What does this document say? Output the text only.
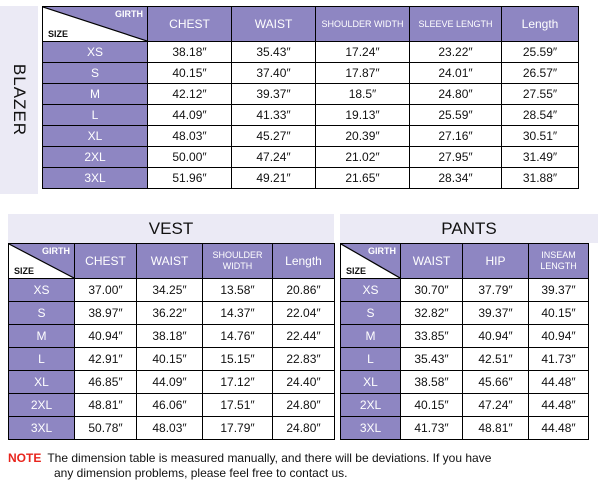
BLAZER
GIRTH
SIZE	CHEST	WAIST	SHOULDER WIDTH	SLEEVE LENGTH	Length
XS	38.18″	35.43″	17.24″	23.22″	25.59″
S	40.15″	37.40″	17.87″	24.01″	26.57″
M	42.12″	39.37″	18.5″	24.80″	27.55″
L	44.09″	41.33″	19.13″	25.59″	28.54″
XL	48.03″	45.27″	20.39″	27.16″	30.51″
2XL	50.00″	47.24″	21.02″	27.95″	31.49″
3XL	51.96″	49.21″	21.65″	28.34″	31.88″
VEST
GIRTH
SIZE	CHEST	WAIST	SHOULDER WIDTH	Length
XS	37.00″	34.25″	13.58″	20.86″
S	38.97″	36.22″	14.37″	22.04″
M	40.94″	38.18″	14.76″	22.44″
L	42.91″	40.15″	15.15″	22.83″
XL	46.85″	44.09″	17.12″	24.40″
2XL	48.81″	46.06″	17.51″	24.80″
3XL	50.78″	48.03″	17.79″	24.80″
PANTS
GIRTH
SIZE	WAIST	HIP	INSEAM LENGTH
XS	30.70″	37.79″	39.37″
S	32.82″	39.37″	40.15″
M	33.85″	40.94″	40.94″
L	35.43″	42.51″	41.73″
XL	38.58″	45.66″	44.48″
2XL	40.15″	47.24″	44.48″
3XL	41.73″	48.81″	44.48″
NOTE The dimension table is measured manually, and there will be deviations. If you have
any dimension problems, please feel free to contact us.
